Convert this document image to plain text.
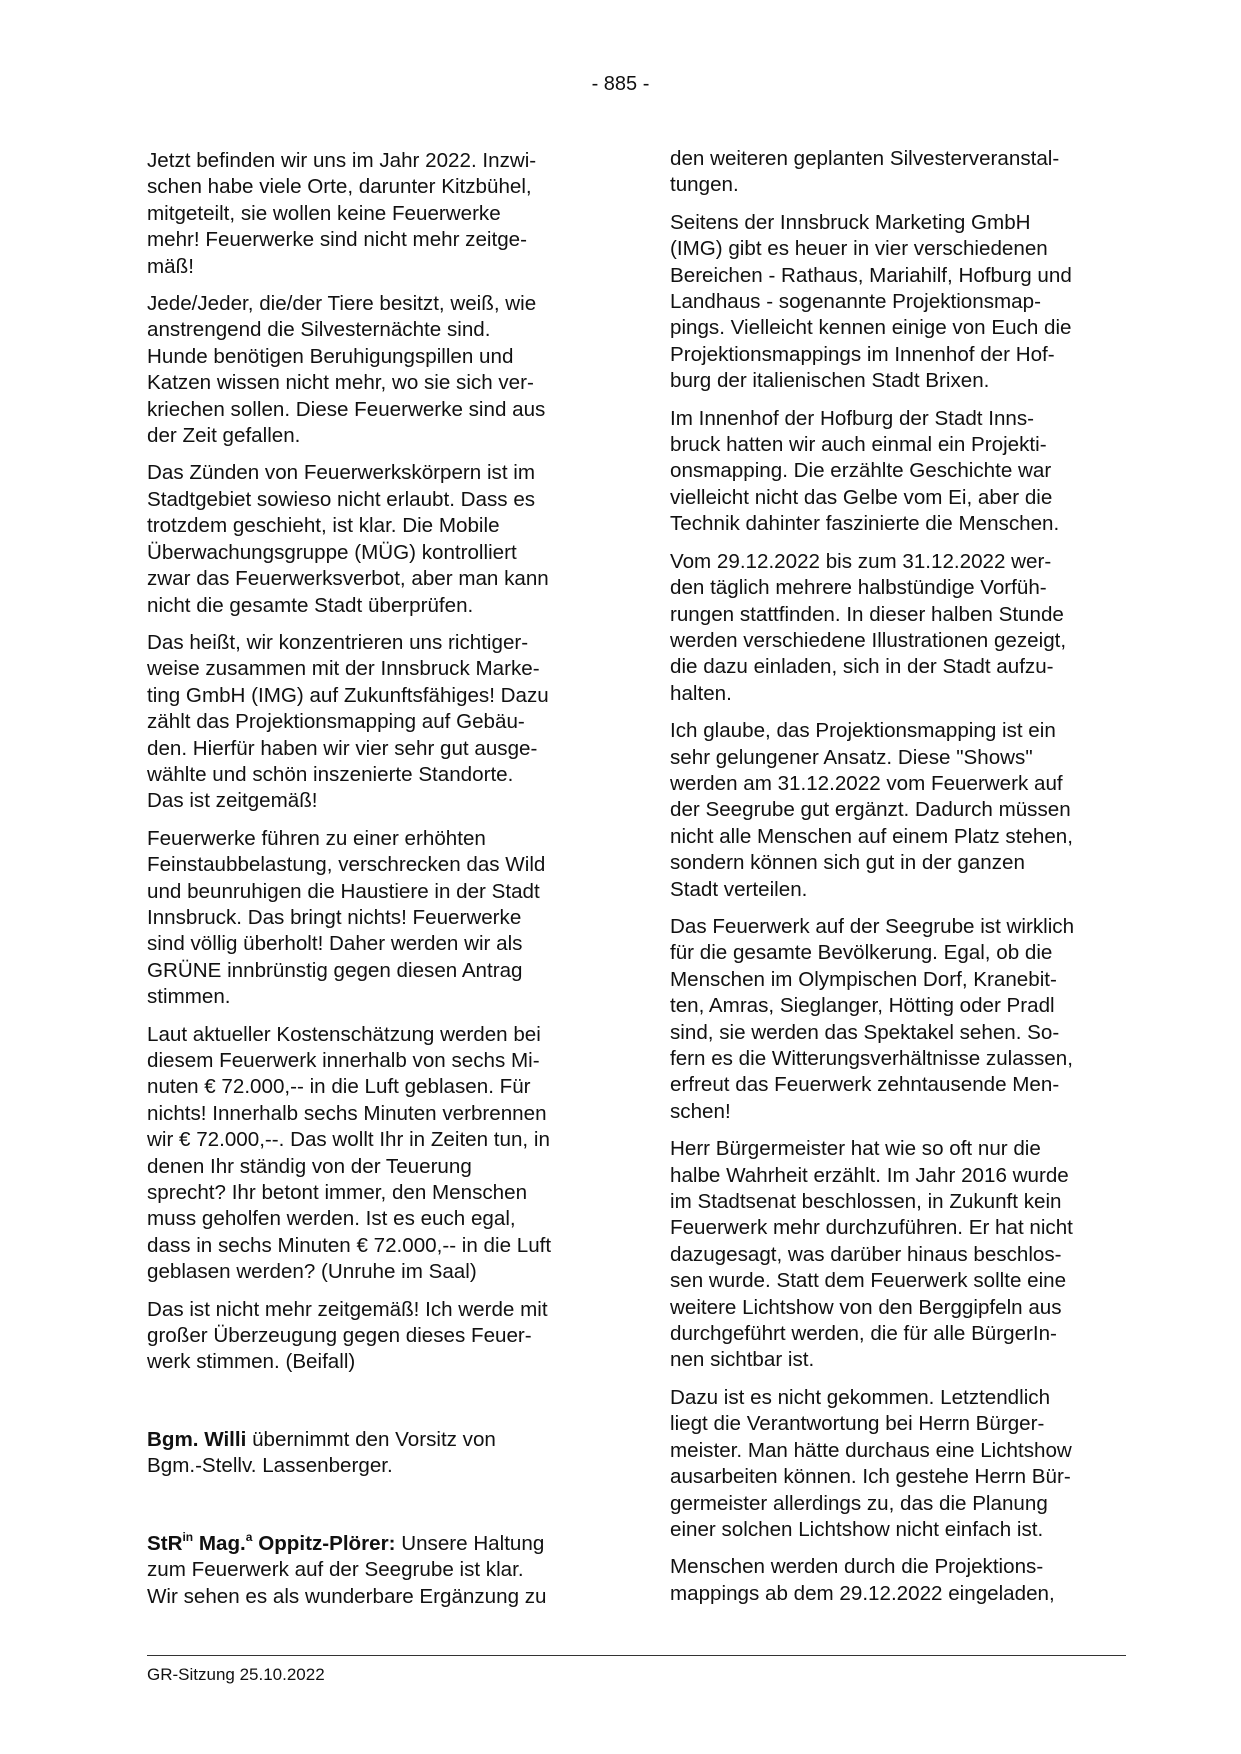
- 885 -

Jetzt befinden wir uns im Jahr 2022. Inzwi-
schen habe viele Orte, darunter Kitzbühel,
mitgeteilt, sie wollen keine Feuerwerke
mehr! Feuerwerke sind nicht mehr zeitge-
mäß!

Jede/Jeder, die/der Tiere besitzt, weiß, wie
anstrengend die Silvesternächte sind.
Hunde benötigen Beruhigungspillen und
Katzen wissen nicht mehr, wo sie sich ver-
kriechen sollen. Diese Feuerwerke sind aus
der Zeit gefallen.

Das Zünden von Feuerwerkskörpern ist im
Stadtgebiet sowieso nicht erlaubt. Dass es
trotzdem geschieht, ist klar. Die Mobile
Überwachungsgruppe (MÜG) kontrolliert
zwar das Feuerwerksverbot, aber man kann
nicht die gesamte Stadt überprüfen.

Das heißt, wir konzentrieren uns richtiger-
weise zusammen mit der Innsbruck Marke-
ting GmbH (IMG) auf Zukunftsfähiges! Dazu
zählt das Projektionsmapping auf Gebäu-
den. Hierfür haben wir vier sehr gut ausge-
wählte und schön inszenierte Standorte.
Das ist zeitgemäß!

Feuerwerke führen zu einer erhöhten
Feinstaubbelastung, verschrecken das Wild
und beunruhigen die Haustiere in der Stadt
Innsbruck. Das bringt nichts! Feuerwerke
sind völlig überholt! Daher werden wir als
GRÜNE innbrünstig gegen diesen Antrag
stimmen.

Laut aktueller Kostenschätzung werden bei
diesem Feuerwerk innerhalb von sechs Mi-
nuten € 72.000,-- in die Luft geblasen. Für
nichts! Innerhalb sechs Minuten verbrennen
wir € 72.000,--. Das wollt Ihr in Zeiten tun, in
denen Ihr ständig von der Teuerung
sprecht? Ihr betont immer, den Menschen
muss geholfen werden. Ist es euch egal,
dass in sechs Minuten € 72.000,-- in die Luft
geblasen werden? (Unruhe im Saal)

Das ist nicht mehr zeitgemäß! Ich werde mit
großer Überzeugung gegen dieses Feuer-
werk stimmen. (Beifall)

Bgm. Willi übernimmt den Vorsitz von
Bgm.-Stellv. Lassenberger.

StR$^{in}$ Mag.$^a$ Oppitz-Plörer: Unsere Haltung
zum Feuerwerk auf der Seegrube ist klar.
Wir sehen es als wunderbare Ergänzung zu

den weiteren geplanten Silvesterveranstal-
tungen.

Seitens der Innsbruck Marketing GmbH
(IMG) gibt es heuer in vier verschiedenen
Bereichen - Rathaus, Mariahilf, Hofburg und
Landhaus - sogenannte Projektionsmap-
pings. Vielleicht kennen einige von Euch die
Projektionsmappings im Innenhof der Hof-
burg der italienischen Stadt Brixen.

Im Innenhof der Hofburg der Stadt Inns-
bruck hatten wir auch einmal ein Projekti-
onsmapping. Die erzählte Geschichte war
vielleicht nicht das Gelbe vom Ei, aber die
Technik dahinter faszinierte die Menschen.

Vom 29.12.2022 bis zum 31.12.2022 wer-
den täglich mehrere halbstündige Vorfüh-
rungen stattfinden. In dieser halben Stunde
werden verschiedene Illustrationen gezeigt,
die dazu einladen, sich in der Stadt aufzu-
halten.

Ich glaube, das Projektionsmapping ist ein
sehr gelungener Ansatz. Diese "Shows"
werden am 31.12.2022 vom Feuerwerk auf
der Seegrube gut ergänzt. Dadurch müssen
nicht alle Menschen auf einem Platz stehen,
sondern können sich gut in der ganzen
Stadt verteilen.

Das Feuerwerk auf der Seegrube ist wirklich
für die gesamte Bevölkerung. Egal, ob die
Menschen im Olympischen Dorf, Kranebit-
ten, Amras, Sieglanger, Hötting oder Pradl
sind, sie werden das Spektakel sehen. So-
fern es die Witterungsverhältnisse zulassen,
erfreut das Feuerwerk zehntausende Men-
schen!

Herr Bürgermeister hat wie so oft nur die
halbe Wahrheit erzählt. Im Jahr 2016 wurde
im Stadtsenat beschlossen, in Zukunft kein
Feuerwerk mehr durchzuführen. Er hat nicht
dazugesagt, was darüber hinaus beschlos-
sen wurde. Statt dem Feuerwerk sollte eine
weitere Lichtshow von den Berggipfeln aus
durchgeführt werden, die für alle BürgerIn-
nen sichtbar ist.

Dazu ist es nicht gekommen. Letztendlich
liegt die Verantwortung bei Herrn Bürger-
meister. Man hätte durchaus eine Lichtshow
ausarbeiten können. Ich gestehe Herrn Bür-
germeister allerdings zu, das die Planung
einer solchen Lichtshow nicht einfach ist.

Menschen werden durch die Projektions-
mappings ab dem 29.12.2022 eingeladen,

GR-Sitzung 25.10.2022
